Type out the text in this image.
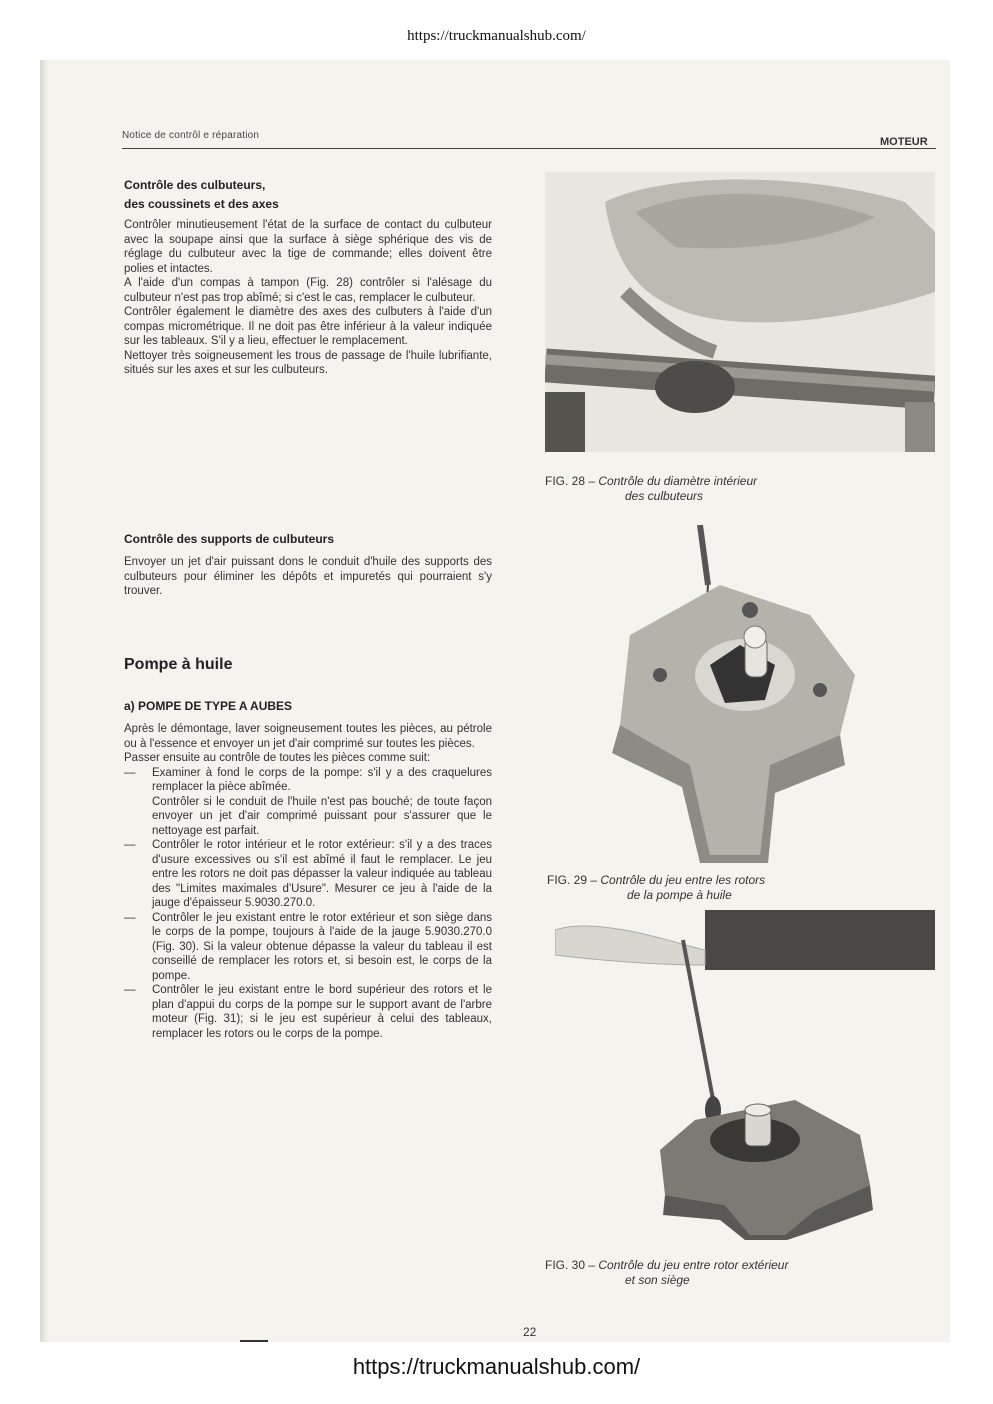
https://truckmanualshub.com/
Notice de contrôl e réparation
MOTEUR
Contrôle des culbuteurs,
des coussinets et des axes

Contrôler minutieusement l'état de la surface de contact du culbuteur avec la soupape ainsi que la surface à siège sphérique des vis de réglage du culbuteur avec la tige de commande; elles doivent être polies et intactes.

A l'aide d'un compas à tampon (Fig. 28) contrôler si l'alésage du culbuteur n'est pas trop abîmé; si c'est le cas, remplacer le culbuteur.

Contrôler également le diamètre des axes des culbuters à l'aide d'un compas micrométrique. Il ne doit pas être inférieur à la valeur indiquée sur les tableaux. S'il y a lieu, effectuer le remplacement.

Nettoyer très soigneusement les trous de passage de l'huile lubrifiante, situés sur les axes et sur les culbuteurs.

Contrôle des supports de culbuteurs

Envoyer un jet d'air puissant dons le conduit d'huile des supports des culbuteurs pour éliminer les dépôts et impuretés qui pourraient s'y trouver.

Pompe à huile
a) POMPE DE TYPE A AUBES

Après le démontage, laver soigneusement toutes les pièces, au pétrole ou à l'essence et envoyer un jet d'air comprimé sur toutes les pièces.

Passer ensuite au contrôle de toutes les pièces comme suit:

— Examiner à fond le corps de la pompe: s'il y a des craquelures remplacer la pièce abîmée.

Contrôler si le conduit de l'huile n'est pas bouché; de toute façon envoyer un jet d'air comprimé puissant pour s'assurer que le nettoyage est parfait.

— Contrôler le rotor intérieur et le rotor extérieur: s'il y a des traces d'usure excessives ou s'il est abîmé il faut le remplacer. Le jeu entre les rotors ne doit pas dépasser la valeur indiquée au tableau des "Limites maximales d'Usure". Mesurer ce jeu à l'aide de la jauge d'épaisseur 5.9030.270.0.
— Contrôler le jeu existant entre le rotor extérieur et son siège dans le corps de la pompe, toujours à l'aide de la jauge 5.9030.270.0 (Fig. 30). Si la valeur obtenue dépasse la valeur du tableau il est conseillé de remplacer les rotors et, si besoin est, le corps de la pompe.
— Contrôler le jeu existant entre le bord supérieur des rotors et le plan d'appui du corps de la pompe sur le support avant de l'arbre moteur (Fig. 31); si le jeu est supérieur à celui des tableaux, remplacer les rotors ou le corps de la pompe.
FIG. 28 – Contrôle du diamètre intérieur
des culbuteurs
FIG. 29 – Contrôle du jeu entre les rotors
de la pompe à huile
FIG. 30 – Contrôle du jeu entre rotor extérieur
et son siège
22
https://truckmanualshub.com/
